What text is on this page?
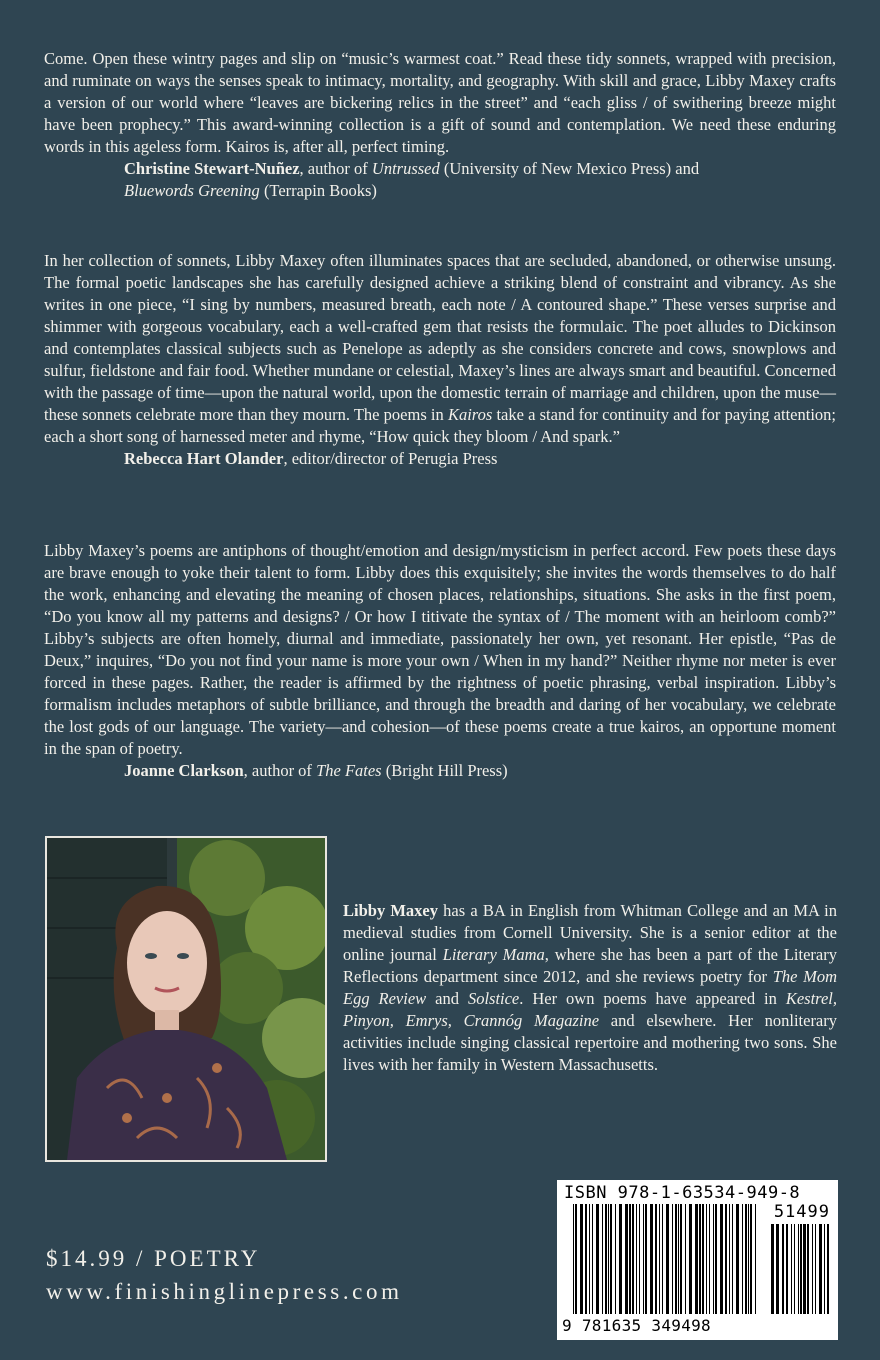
Come. Open these wintry pages and slip on “music’s warmest coat.” Read these tidy sonnets, wrapped with precision, and ruminate on ways the senses speak to intimacy, mortality, and geography. With skill and grace, Libby Maxey crafts a version of our world where “leaves are bickering relics in the street” and “each gliss / of swithering breeze might have been prophecy.” This award-winning collection is a gift of sound and contemplation. We need these enduring words in this ageless form. Kairos is, after all, perfect timing.

Christine Stewart-Nuñez, author of Untrussed (University of New Mexico Press) and
Bluewords Greening (Terrapin Books)

In her collection of sonnets, Libby Maxey often illuminates spaces that are secluded, abandoned, or otherwise unsung. The formal poetic landscapes she has carefully designed achieve a striking blend of constraint and vibrancy. As she writes in one piece, “I sing by numbers, measured breath, each note / A contoured shape.” These verses surprise and shimmer with gorgeous vocabulary, each a well-crafted gem that resists the formulaic. The poet alludes to Dickinson and contemplates classical subjects such as Penelope as adeptly as she considers concrete and cows, snowplows and sulfur, fieldstone and fair food. Whether mundane or celestial, Maxey’s lines are always smart and beautiful. Concerned with the passage of time—upon the natural world, upon the domestic terrain of marriage and children, upon the muse—these sonnets celebrate more than they mourn. The poems in Kairos take a stand for continuity and for paying attention; each a short song of harnessed meter and rhyme, “How quick they bloom / And spark.”

Rebecca Hart Olander, editor/director of Perugia Press

Libby Maxey’s poems are antiphons of thought/emotion and design/mysticism in perfect accord. Few poets these days are brave enough to yoke their talent to form. Libby does this exquisitely; she invites the words themselves to do half the work, enhancing and elevating the meaning of chosen places, relationships, situations. She asks in the first poem, “Do you know all my patterns and designs? / Or how I titivate the syntax of / The moment with an heirloom comb?” Libby’s subjects are often homely, diurnal and immediate, passionately her own, yet resonant. Her epistle, “Pas de Deux,” inquires, “Do you not find your name is more your own / When in my hand?” Neither rhyme nor meter is ever forced in these pages. Rather, the reader is affirmed by the rightness of poetic phrasing, verbal inspiration. Libby’s formalism includes metaphors of subtle brilliance, and through the breadth and daring of her vocabulary, we celebrate the lost gods of our language. The variety—and cohesion—of these poems create a true kairos, an opportune moment in the span of poetry.

Joanne Clarkson, author of The Fates (Bright Hill Press)

Libby Maxey has a BA in English from Whitman College and an MA in medieval studies from Cornell University. She is a senior editor at the online journal Literary Mama, where she has been a part of the Literary Reflections department since 2012, and she reviews poetry for The Mom Egg Review and Solstice. Her own poems have appeared in Kestrel, Pinyon, Emrys, Crannóg Magazine and elsewhere. Her nonliterary activities include singing classical repertoire and mothering two sons. She lives with her family in Western Massachusetts.
$14.99 / POETRY
www.finishinglinepress.com
ISBN 978-1-63534-949-8
51499
9 781635 349498
